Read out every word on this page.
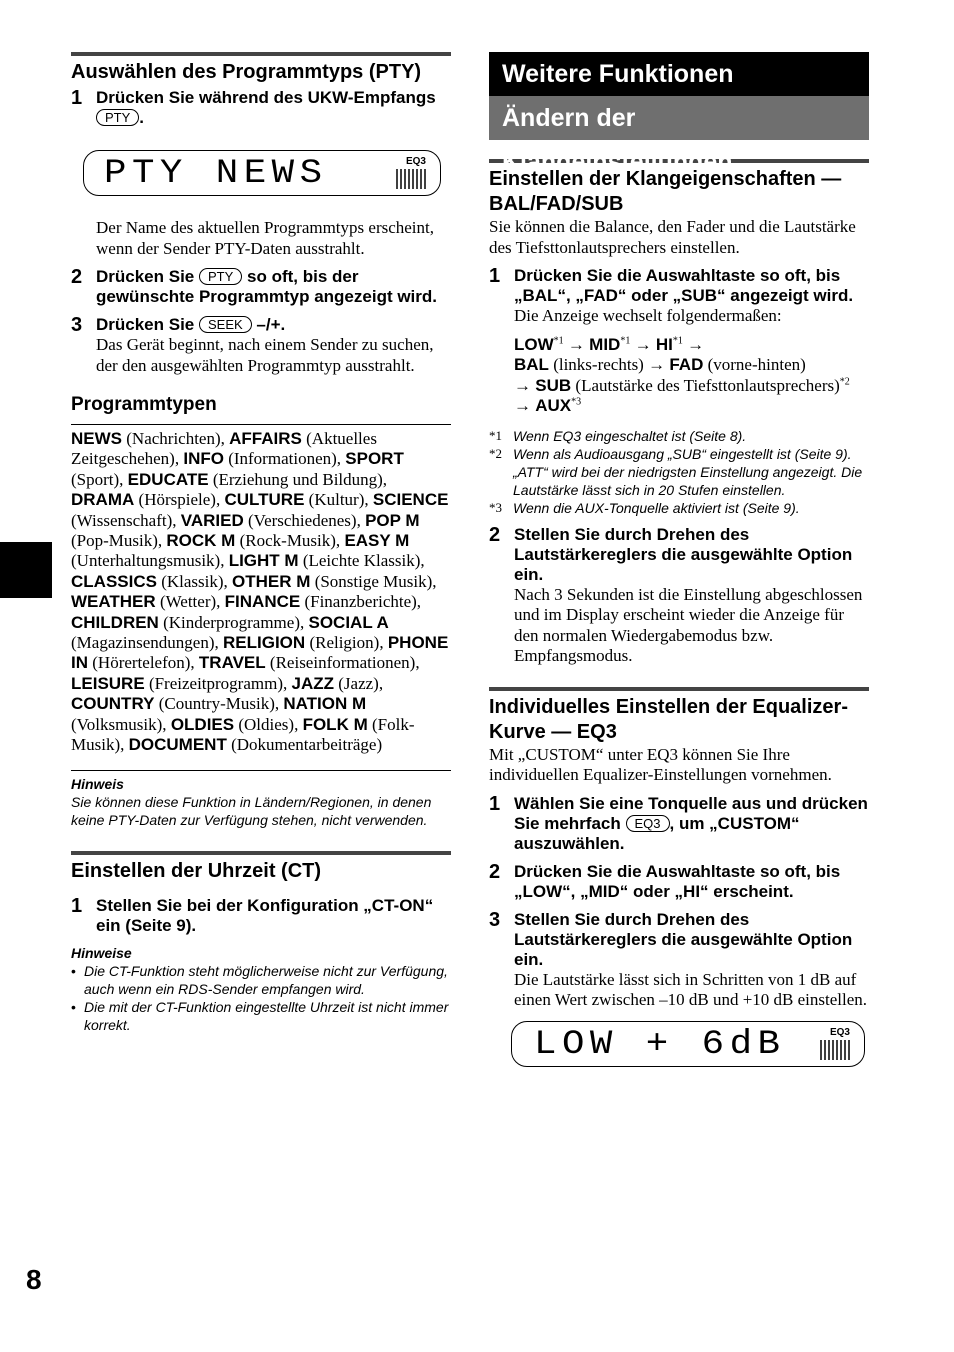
Auswählen des Programmtyps (PTY)
1 Drücken Sie während des UKW-Empfangs PTY .
PTY NEWS	EQ3
Der Name des aktuellen Programmtyps erscheint, wenn der Sender PTY-Daten ausstrahlt.
2 Drücken Sie PTY so oft, bis der gewünschte Programmtyp angezeigt wird.
3 Drücken Sie SEEK –/+.
Das Gerät beginnt, nach einem Sender zu suchen, der den ausgewählten Programmtyp ausstrahlt.
Programmtypen
NEWS (Nachrichten), AFFAIRS (Aktuelles Zeitgeschehen), INFO (Informationen), SPORT (Sport), EDUCATE (Erziehung und Bildung), DRAMA (Hörspiele), CULTURE (Kultur), SCIENCE (Wissenschaft), VARIED (Verschiedenes), POP M (Pop-Musik), ROCK M (Rock-Musik), EASY M (Unterhaltungsmusik), LIGHT M (Leichte Klassik), CLASSICS (Klassik), OTHER M (Sonstige Musik), WEATHER (Wetter), FINANCE (Finanzberichte), CHILDREN (Kinderprogramme), SOCIAL A (Magazinsendungen), RELIGION (Religion), PHONE IN (Hörertelefon), TRAVEL (Reiseinformationen), LEISURE (Freizeitprogramm), JAZZ (Jazz), COUNTRY (Country-Musik), NATION M (Volksmusik), OLDIES (Oldies), FOLK M (Folk-Musik), DOCUMENT (Dokumentarbeiträge)
Hinweis
Sie können diese Funktion in Ländern/Regionen, in denen keine PTY-Daten zur Verfügung stehen, nicht verwenden.
Einstellen der Uhrzeit (CT)
1 Stellen Sie bei der Konfiguration „CT-ON“ ein (Seite 9).
Hinweise
• Die CT-Funktion steht möglicherweise nicht zur Verfügung, auch wenn ein RDS-Sender empfangen wird.
• Die mit der CT-Funktion eingestellte Uhrzeit ist nicht immer korrekt.
Weitere Funktionen
Ändern der Klangeinstellungen
Einstellen der Klangeigenschaften — BAL/FAD/SUB
Sie können die Balance, den Fader und die Lautstärke des Tiefsttonlautsprechers einstellen.
1 Drücken Sie die Auswahltaste so oft, bis „BAL“, „FAD“ oder „SUB“ angezeigt wird.
Die Anzeige wechselt folgendermaßen:
$LOW^{*1} \to MID^{*1} \to HI^{*1}$ →
BAL (links-rechts) → FAD (vorne-hinten)
→ SUB (Lautstärke des Tiefsttonlautsprechers)$^{*2}$ → $AUX^{*3}$
*1 Wenn EQ3 eingeschaltet ist (Seite 8).
*2 Wenn als Audioausgang „SUB“ eingestellt ist (Seite 9).
„ATT“ wird bei der niedrigsten Einstellung angezeigt. Die Lautstärke lässt sich in 20 Stufen einstellen.
*3 Wenn die AUX-Tonquelle aktiviert ist (Seite 9).
2 Stellen Sie durch Drehen des Lautstärkereglers die ausgewählte Option ein.
Nach 3 Sekunden ist die Einstellung abgeschlossen und im Display erscheint wieder die Anzeige für den normalen Wiedergabemodus bzw. Empfangsmodus.
Individuelles Einstellen der Equalizer-Kurve — EQ3
Mit „CUSTOM“ unter EQ3 können Sie Ihre individuellen Equalizer-Einstellungen vornehmen.
1 Wählen Sie eine Tonquelle aus und drücken Sie mehrfach EQ3 , um „CUSTOM“ auszuwählen.
2 Drücken Sie die Auswahltaste so oft, bis „LOW“, „MID“ oder „HI“ erscheint.
3 Stellen Sie durch Drehen des Lautstärkereglers die ausgewählte Option ein.
Die Lautstärke lässt sich in Schritten von 1 dB auf einen Wert zwischen –10 dB und +10 dB einstellen.
LOW + 6dB	EQ3
8
